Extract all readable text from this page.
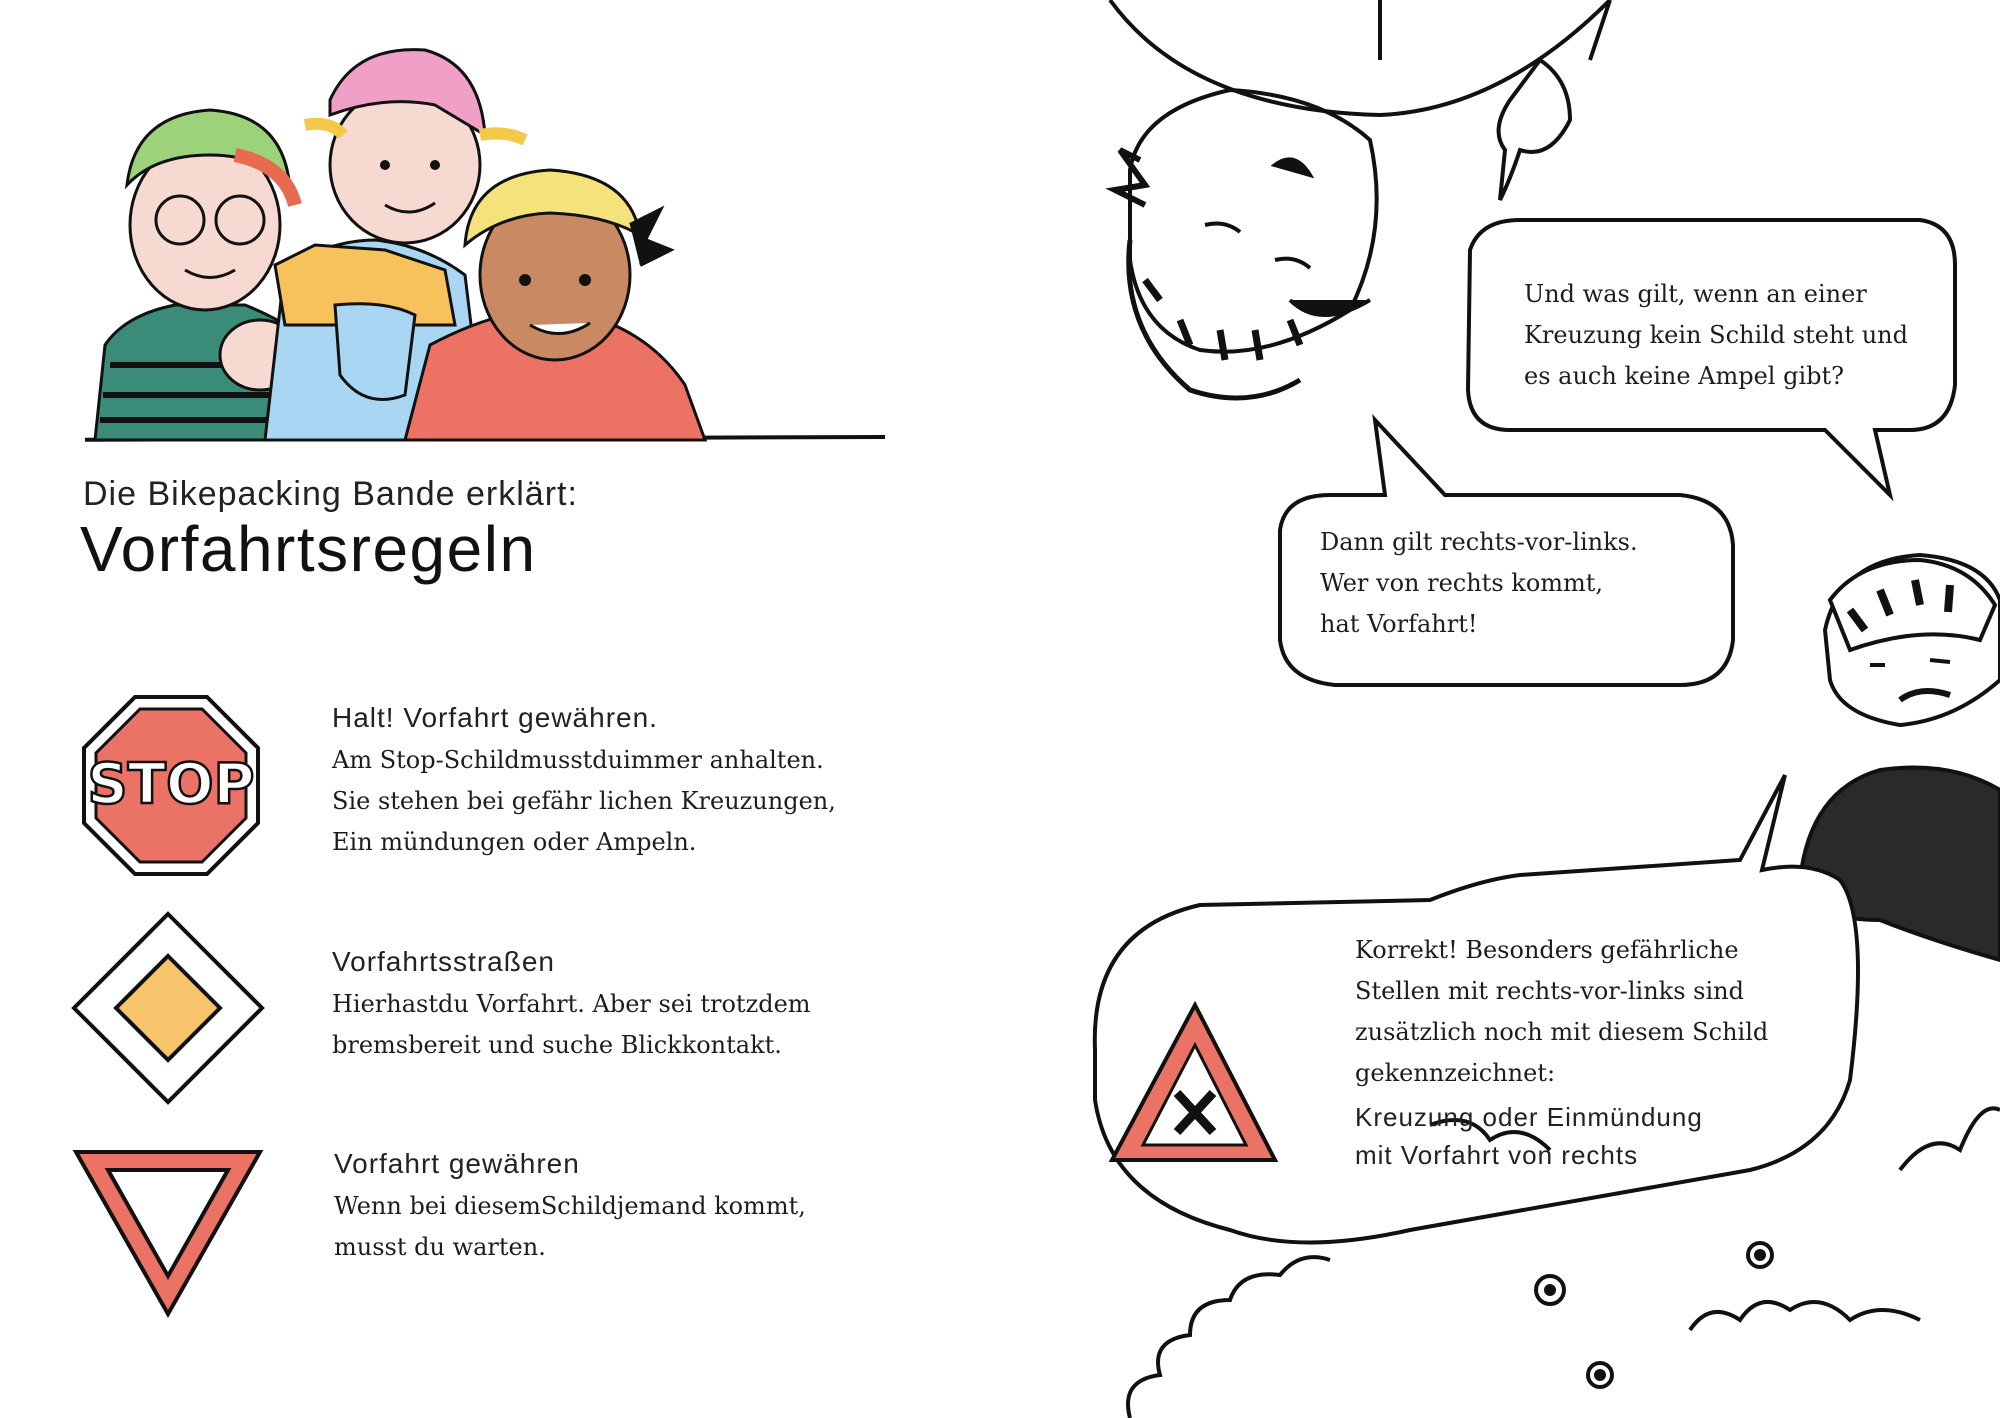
Die Bikepacking Bande erklärt:
Vorfahrtsregeln
STOP
Halt! Vorfahrt gewähren.
Am Stop-Schildmusstduimmer anhalten.
Sie stehen bei gefähr lichen Kreuzungen,
Ein mündungen oder Ampeln.
Vorfahrtsstraßen
Hierhastdu Vorfahrt. Aber sei trotzdem
bremsbereit und suche Blickkontakt.
Vorfahrt gewähren
Wenn bei diesemSchildjemand kommt,
musst du warten.
Und was gilt, wenn an einer
Kreuzung kein Schild steht und
es auch keine Ampel gibt?
Dann gilt rechts-vor-links.
Wer von rechts kommt,
hat Vorfahrt!
Korrekt! Besonders gefährliche
Stellen mit rechts-vor-links sind
zusätzlich noch mit diesem Schild
gekennzeichnet:
Kreuzung oder Einmündung
mit Vorfahrt von rechts
